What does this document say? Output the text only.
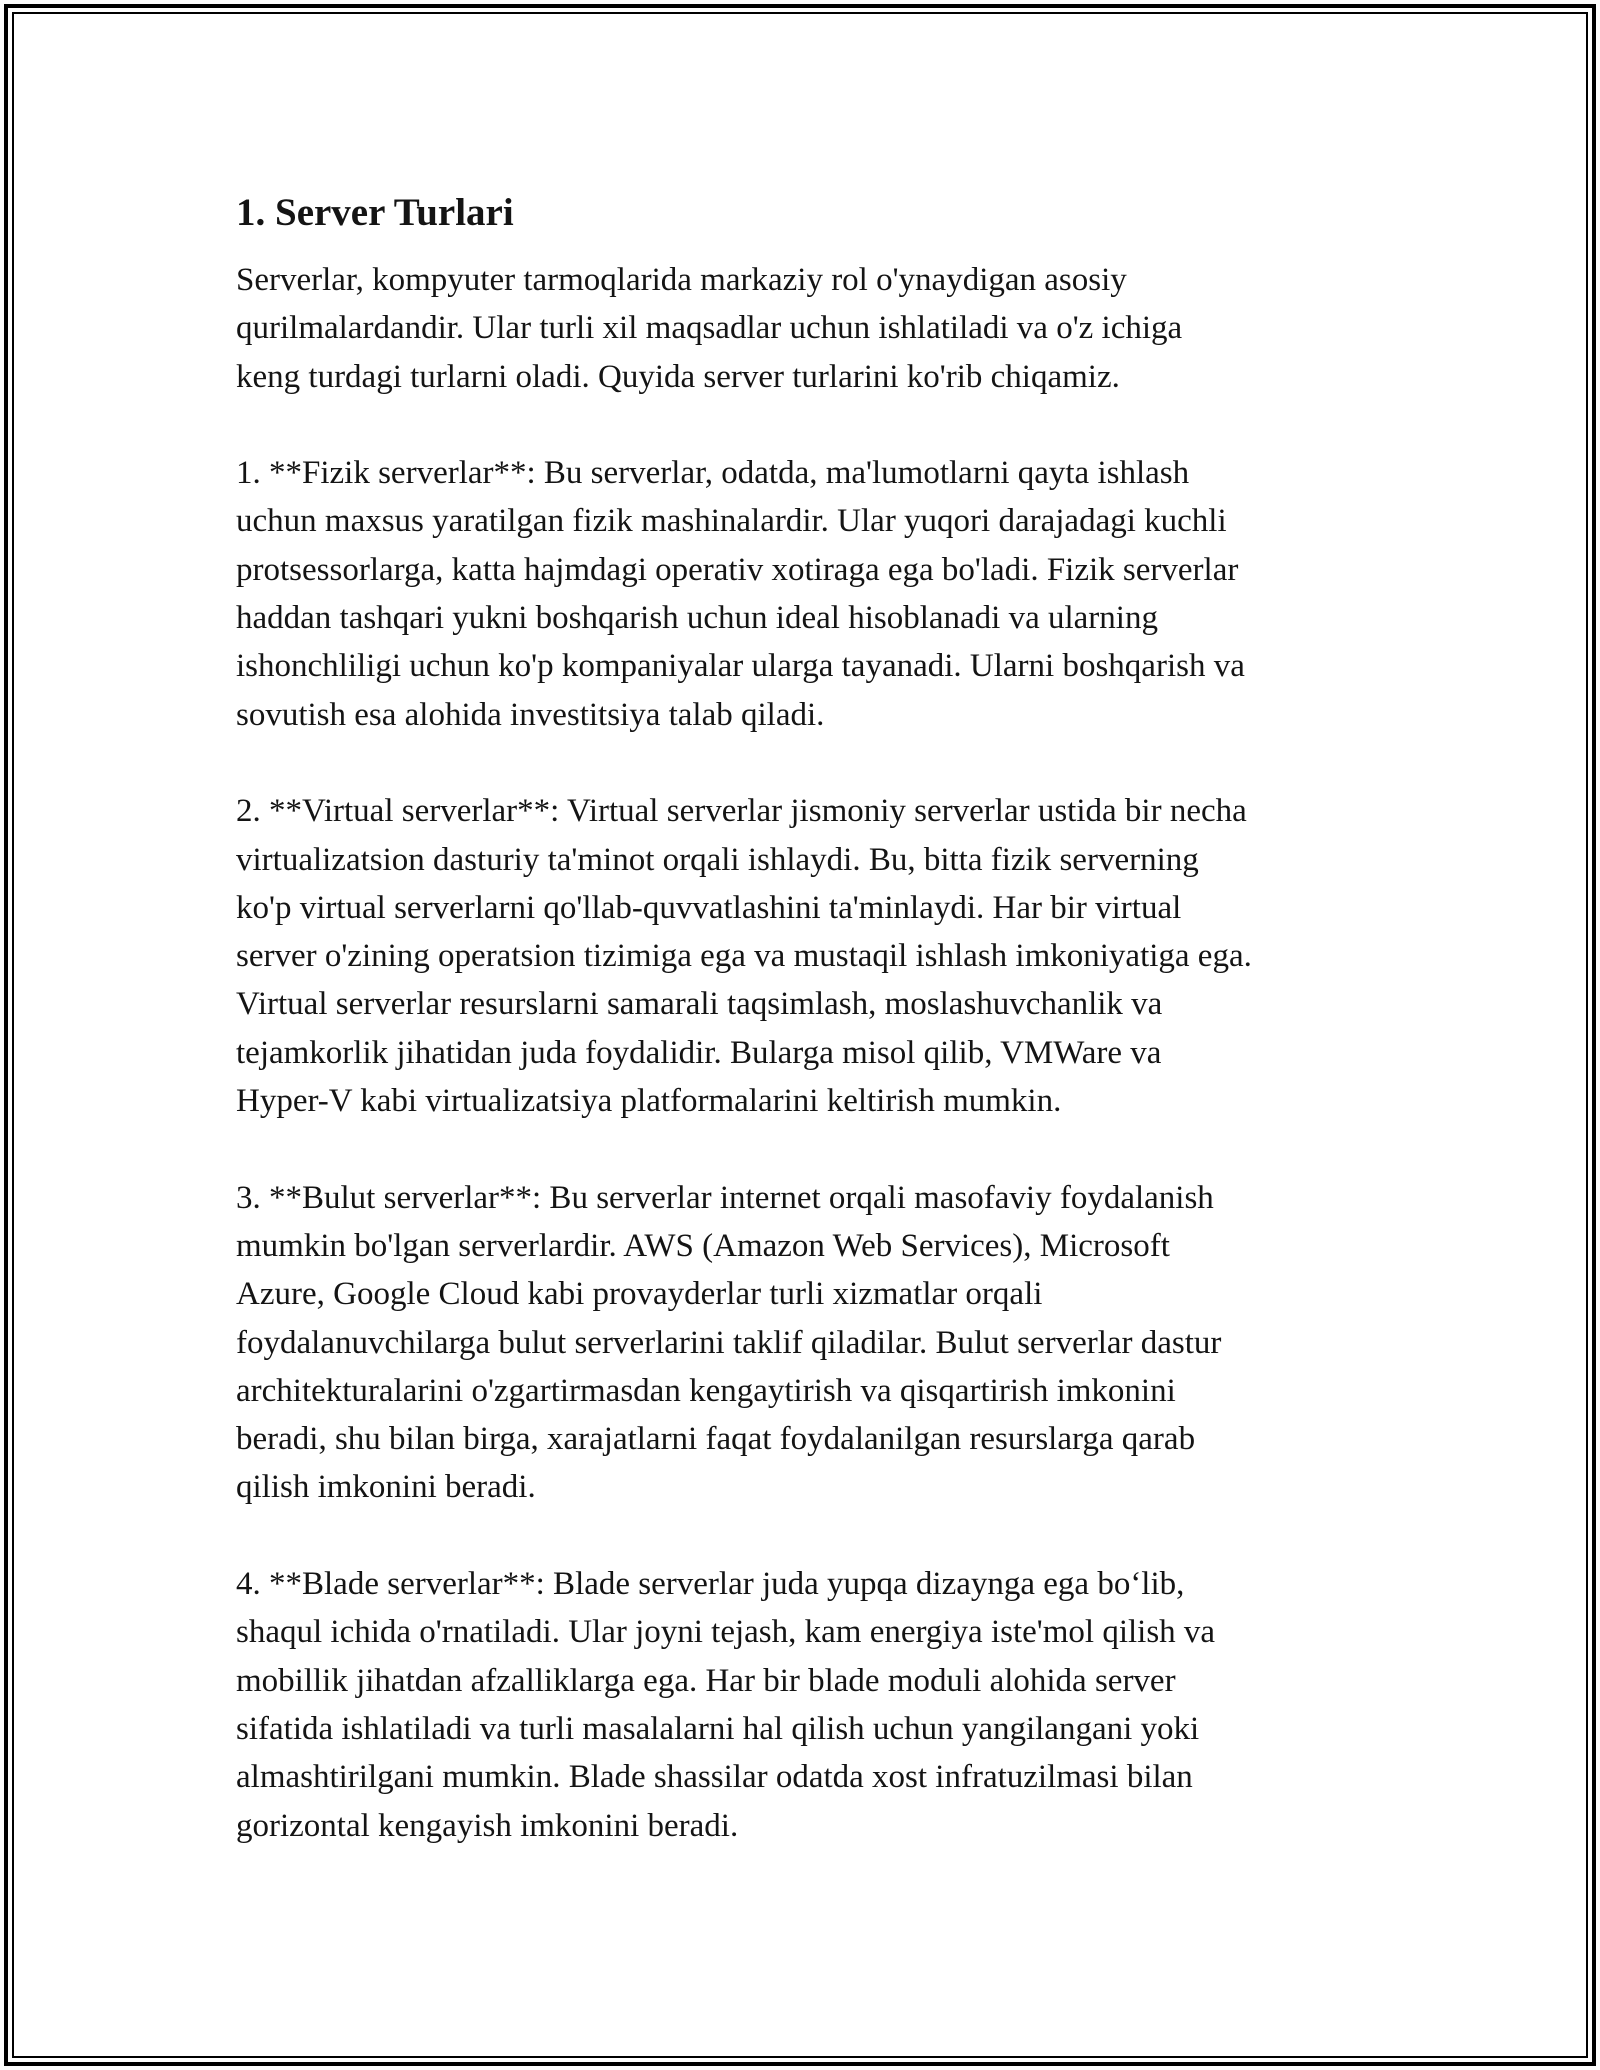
1. Server Turlari

Serverlar, kompyuter tarmoqlarida markaziy rol o'ynaydigan asosiy
qurilmalardandir. Ular turli xil maqsadlar uchun ishlatiladi va o'z ichiga
keng turdagi turlarni oladi. Quyida server turlarini ko'rib chiqamiz.

1. **Fizik serverlar**: Bu serverlar, odatda, ma'lumotlarni qayta ishlash
uchun maxsus yaratilgan fizik mashinalardir. Ular yuqori darajadagi kuchli
protsessorlarga, katta hajmdagi operativ xotiraga ega bo'ladi. Fizik serverlar
haddan tashqari yukni boshqarish uchun ideal hisoblanadi va ularning
ishonchliligi uchun ko'p kompaniyalar ularga tayanadi. Ularni boshqarish va
sovutish esa alohida investitsiya talab qiladi.

2. **Virtual serverlar**: Virtual serverlar jismoniy serverlar ustida bir necha
virtualizatsion dasturiy ta'minot orqali ishlaydi. Bu, bitta fizik serverning
ko'p virtual serverlarni qo'llab-quvvatlashini ta'minlaydi. Har bir virtual
server o'zining operatsion tizimiga ega va mustaqil ishlash imkoniyatiga ega.
Virtual serverlar resurslarni samarali taqsimlash, moslashuvchanlik va
tejamkorlik jihatidan juda foydalidir. Bularga misol qilib, VMWare va
Hyper-V kabi virtualizatsiya platformalarini keltirish mumkin.

3. **Bulut serverlar**: Bu serverlar internet orqali masofaviy foydalanish
mumkin bo'lgan serverlardir. AWS (Amazon Web Services), Microsoft
Azure, Google Cloud kabi provayderlar turli xizmatlar orqali
foydalanuvchilarga bulut serverlarini taklif qiladilar. Bulut serverlar dastur
architekturalarini o'zgartirmasdan kengaytirish va qisqartirish imkonini
beradi, shu bilan birga, xarajatlarni faqat foydalanilgan resurslarga qarab
qilish imkonini beradi.

4. **Blade serverlar**: Blade serverlar juda yupqa dizaynga ega bo‘lib,
shaqul ichida o'rnatiladi. Ular joyni tejash, kam energiya iste'mol qilish va
mobillik jihatdan afzalliklarga ega. Har bir blade moduli alohida server
sifatida ishlatiladi va turli masalalarni hal qilish uchun yangilangani yoki
almashtirilgani mumkin. Blade shassilar odatda xost infratuzilmasi bilan
gorizontal kengayish imkonini beradi.
